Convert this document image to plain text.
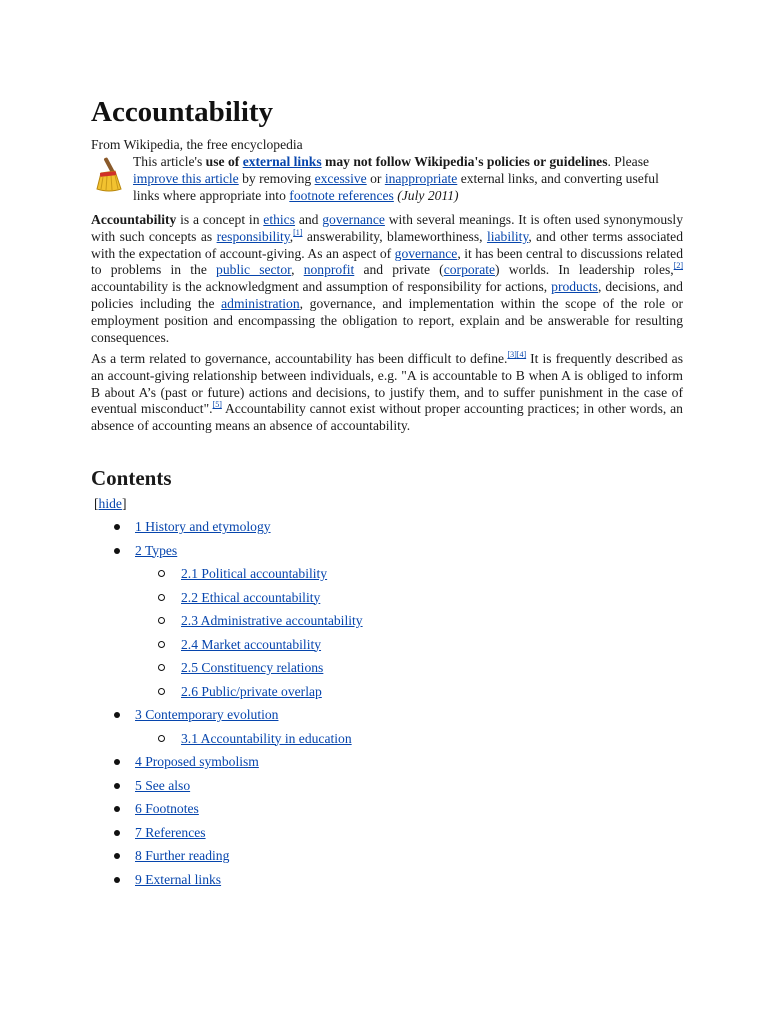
Accountability
From Wikipedia, the free encyclopedia
This article's use of external links may not follow Wikipedia's policies or guidelines. Please improve this article by removing excessive or inappropriate external links, and converting useful links where appropriate into footnote references (July 2011)

Accountability is a concept in ethics and governance with several meanings. It is often used synonymously with such concepts as responsibility,[1] answerability, blameworthiness, liability, and other terms associated with the expectation of account-giving. As an aspect of governance, it has been central to discussions related to problems in the public sector, nonprofit and private (corporate) worlds. In leadership roles,[2] accountability is the acknowledgment and assumption of responsibility for actions, products, decisions, and policies including the administration, governance, and implementation within the scope of the role or employment position and encompassing the obligation to report, explain and be answerable for resulting consequences.

As a term related to governance, accountability has been difficult to define.[3][4] It is frequently described as an account-giving relationship between individuals, e.g. "A is accountable to B when A is obliged to inform B about A’s (past or future) actions and decisions, to justify them, and to suffer punishment in the case of eventual misconduct".[5] Accountability cannot exist without proper accounting practices; in other words, an absence of accounting means an absence of accountability.

Contents
[hide]
1 History and etymology
2 Types
2.1 Political accountability
2.2 Ethical accountability
2.3 Administrative accountability
2.4 Market accountability
2.5 Constituency relations
2.6 Public/private overlap
3 Contemporary evolution
3.1 Accountability in education
4 Proposed symbolism
5 See also
6 Footnotes
7 References
8 Further reading
9 External links
